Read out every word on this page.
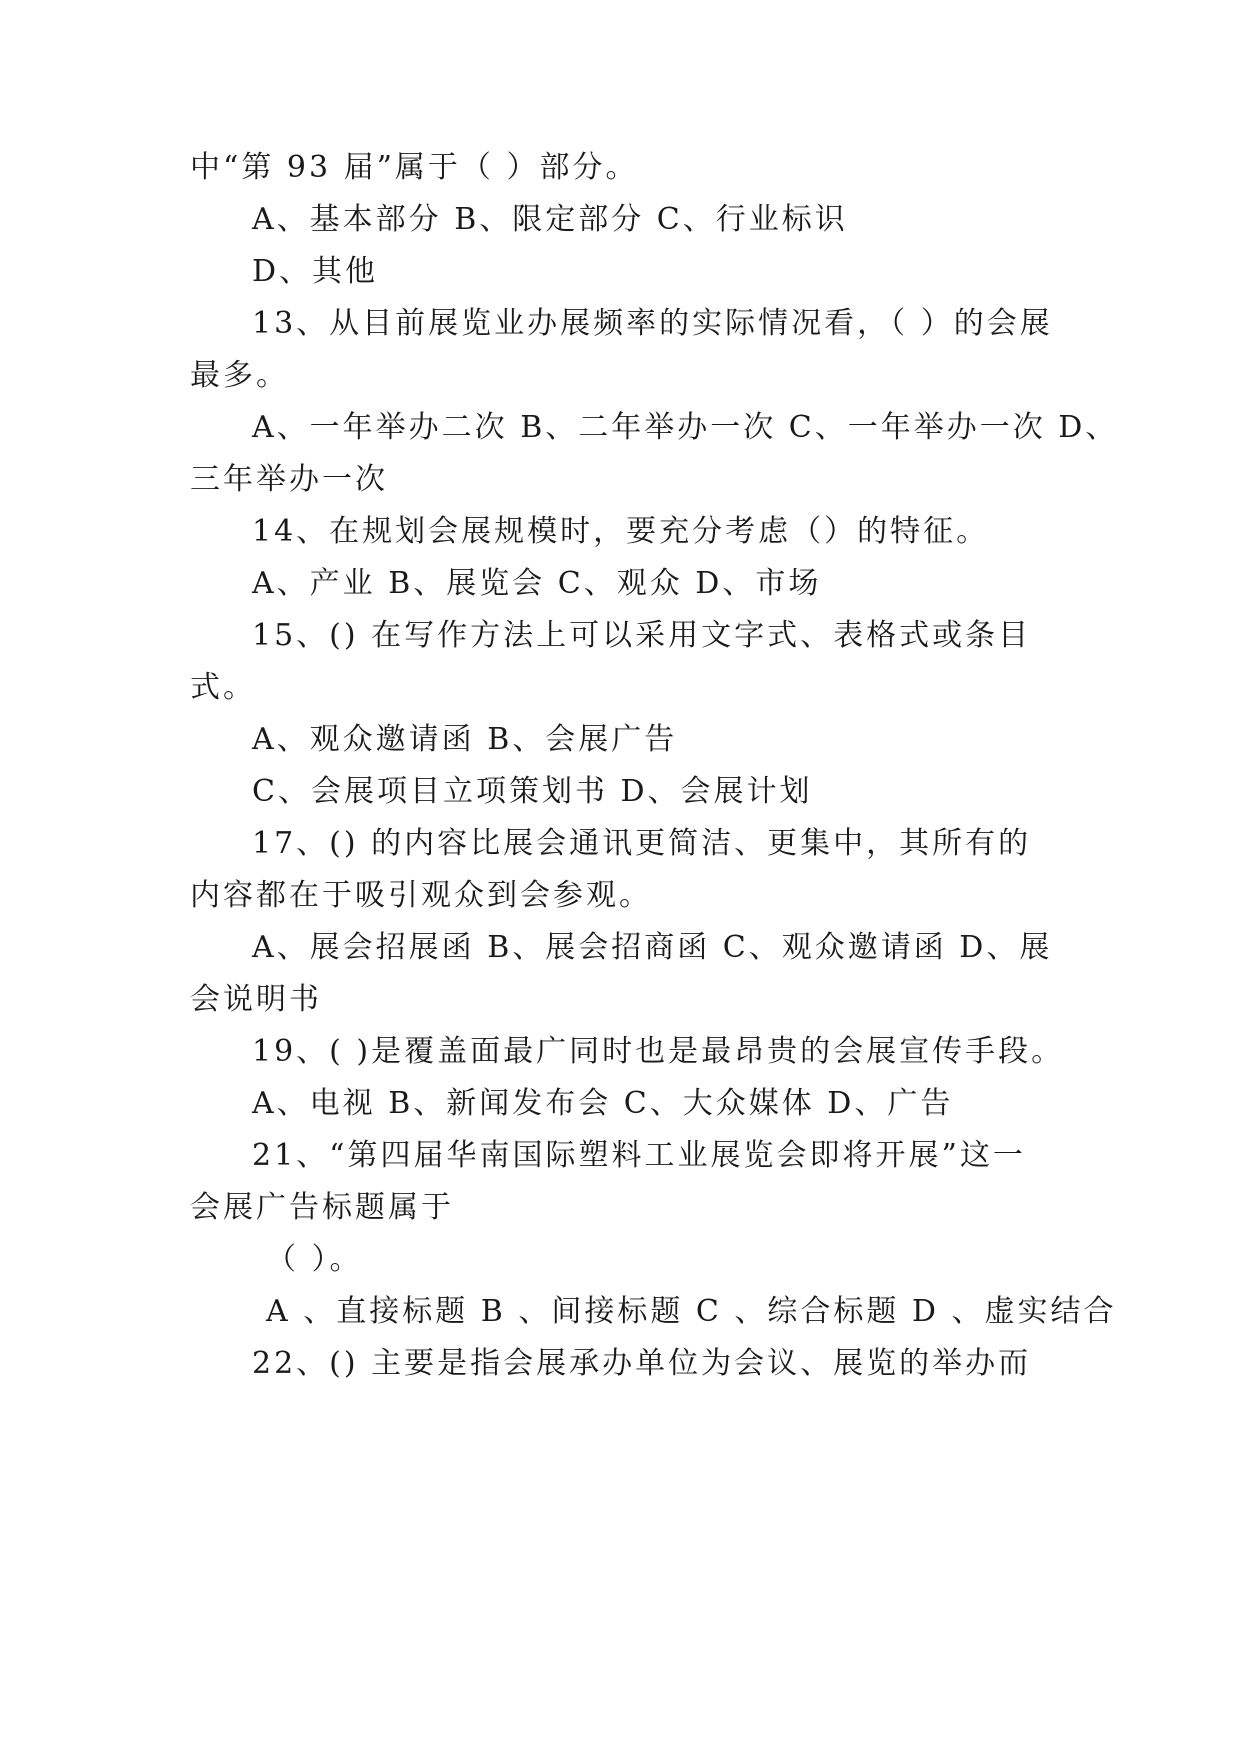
中“第 93 届”属于（ ）部分。
A、基本部分 B、限定部分 C、行业标识
D、其他
13、从目前展览业办展频率的实际情况看，（ ）的会展
最多。
A、一年举办二次 B、二年举办一次 C、一年举办一次 D、
三年举办一次
14、在规划会展规模时，要充分考虑（）的特征。
A、产业 B、展览会 C、观众 D、市场
15、() 在写作方法上可以采用文字式、表格式或条目
式。
A、观众邀请函 B、会展广告
C、会展项目立项策划书 D、会展计划
17、() 的内容比展会通讯更简洁、更集中，其所有的
内容都在于吸引观众到会参观。
A、展会招展函 B、展会招商函 C、观众邀请函 D、展
会说明书
19、( )是覆盖面最广同时也是最昂贵的会展宣传手段。
A、电视 B、新闻发布会 C、大众媒体 D、广告
21、“第四届华南国际塑料工业展览会即将开展”这一
会展广告标题属于
（ ）。
A 、直接标题 B 、间接标题 C 、综合标题 D 、虚实结合
22、() 主要是指会展承办单位为会议、展览的举办而
